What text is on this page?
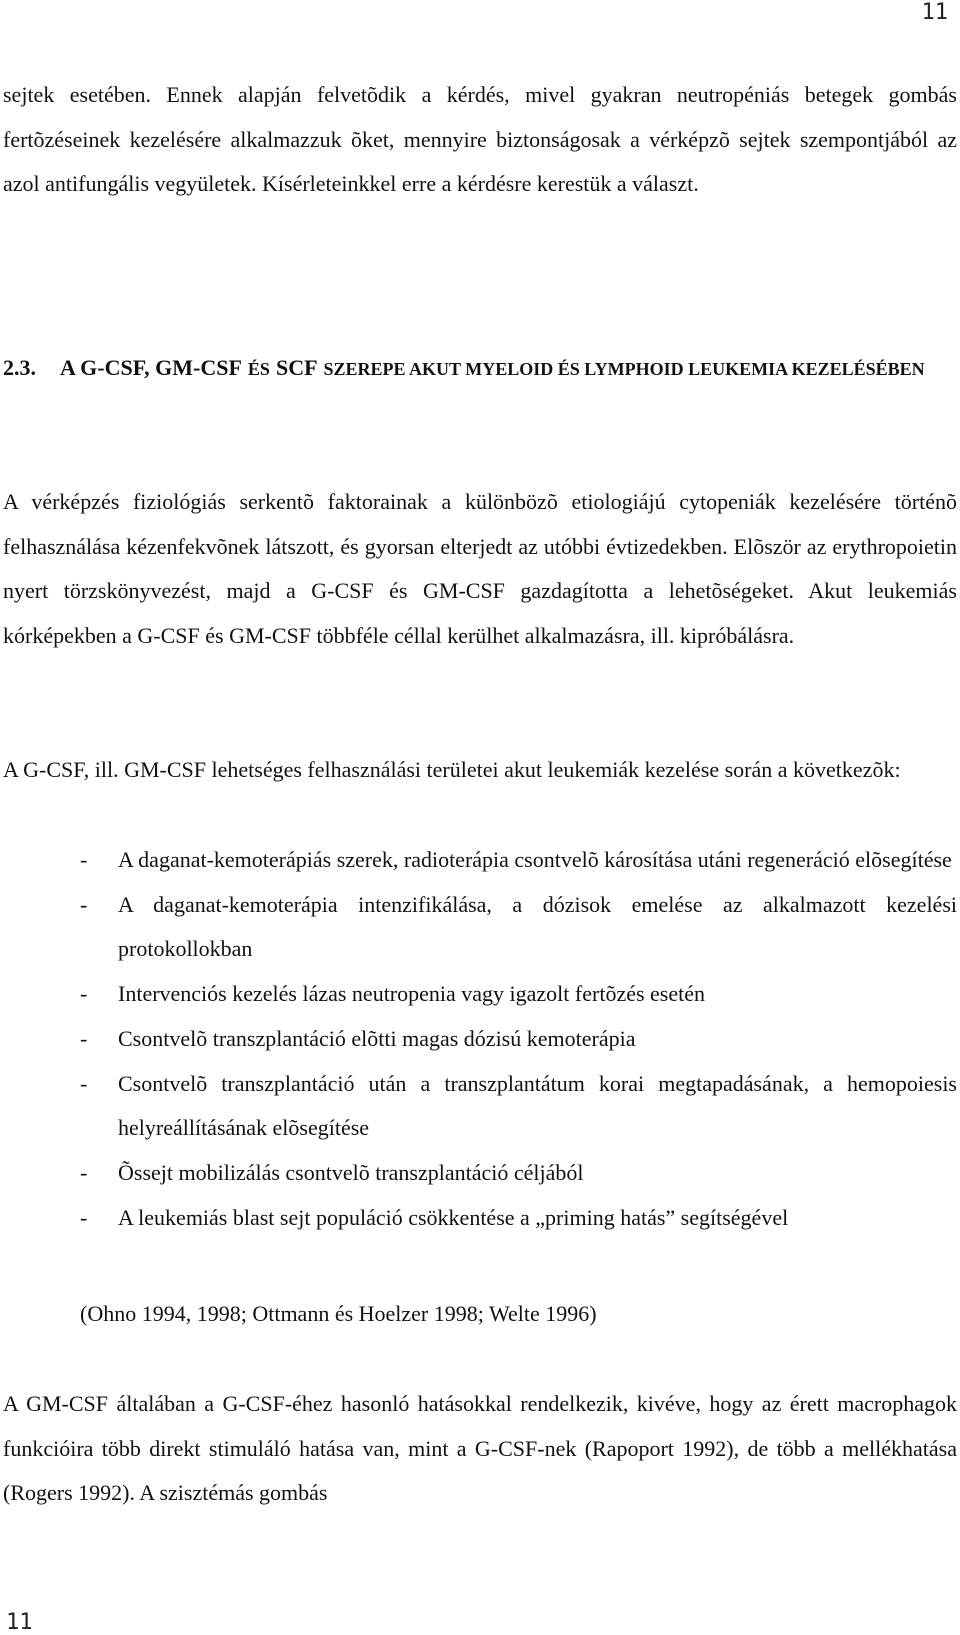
11

sejtek esetében. Ennek alapján felvetõdik a kérdés, mivel gyakran neutropéniás betegek gombás fertõzéseinek kezelésére alkalmazzuk õket, mennyire biztonságosak a vérképzõ sejtek szempontjából az azol antifungális vegyületek. Kísérleteinkkel erre a kérdésre kerestük a választ.

2.3. A G-CSF, GM-CSF ÉS SCF SZEREPE AKUT MYELOID ÉS LYMPHOID LEUKEMIA KEZELÉSÉBEN

A vérképzés fiziológiás serkentõ faktorainak a különbözõ etiologiájú cytopeniák kezelésére történõ felhasználása kézenfekvõnek látszott, és gyorsan elterjedt az utóbbi évtizedekben. Elõször az erythropoietin nyert törzskönyvezést, majd a G-CSF és GM-CSF gazdagította a lehetõségeket. Akut leukemiás kórképekben a G-CSF és GM-CSF többféle céllal kerülhet alkalmazásra, ill. kipróbálásra.

A G-CSF, ill. GM-CSF lehetséges felhasználási területei akut leukemiák kezelése során a következõk:

-	A daganat-kemoterápiás szerek, radioterápia csontvelõ károsítása utáni regeneráció elõsegítése
-	A daganat-kemoterápia intenzifikálása, a dózisok emelése az alkalmazott kezelési protokollokban
-	Intervenciós kezelés lázas neutropenia vagy igazolt fertõzés esetén
-	Csontvelõ transzplantáció elõtti magas dózisú kemoterápia
-	Csontvelõ transzplantáció után a transzplantátum korai megtapadásának, a hemopoiesis helyreállításának elõsegítése
-	Õssejt mobilizálás csontvelõ transzplantáció céljából
-	A leukemiás blast sejt populáció csökkentése a „priming hatás” segítségével

(Ohno 1994, 1998; Ottmann és Hoelzer 1998; Welte 1996)

A GM-CSF általában a G-CSF-éhez hasonló hatásokkal rendelkezik, kivéve, hogy az érett macrophagok funkcióira több direkt stimuláló hatása van, mint a G-CSF-nek (Rapoport 1992), de több a mellékhatása (Rogers 1992). A szisztémás gombás

11
